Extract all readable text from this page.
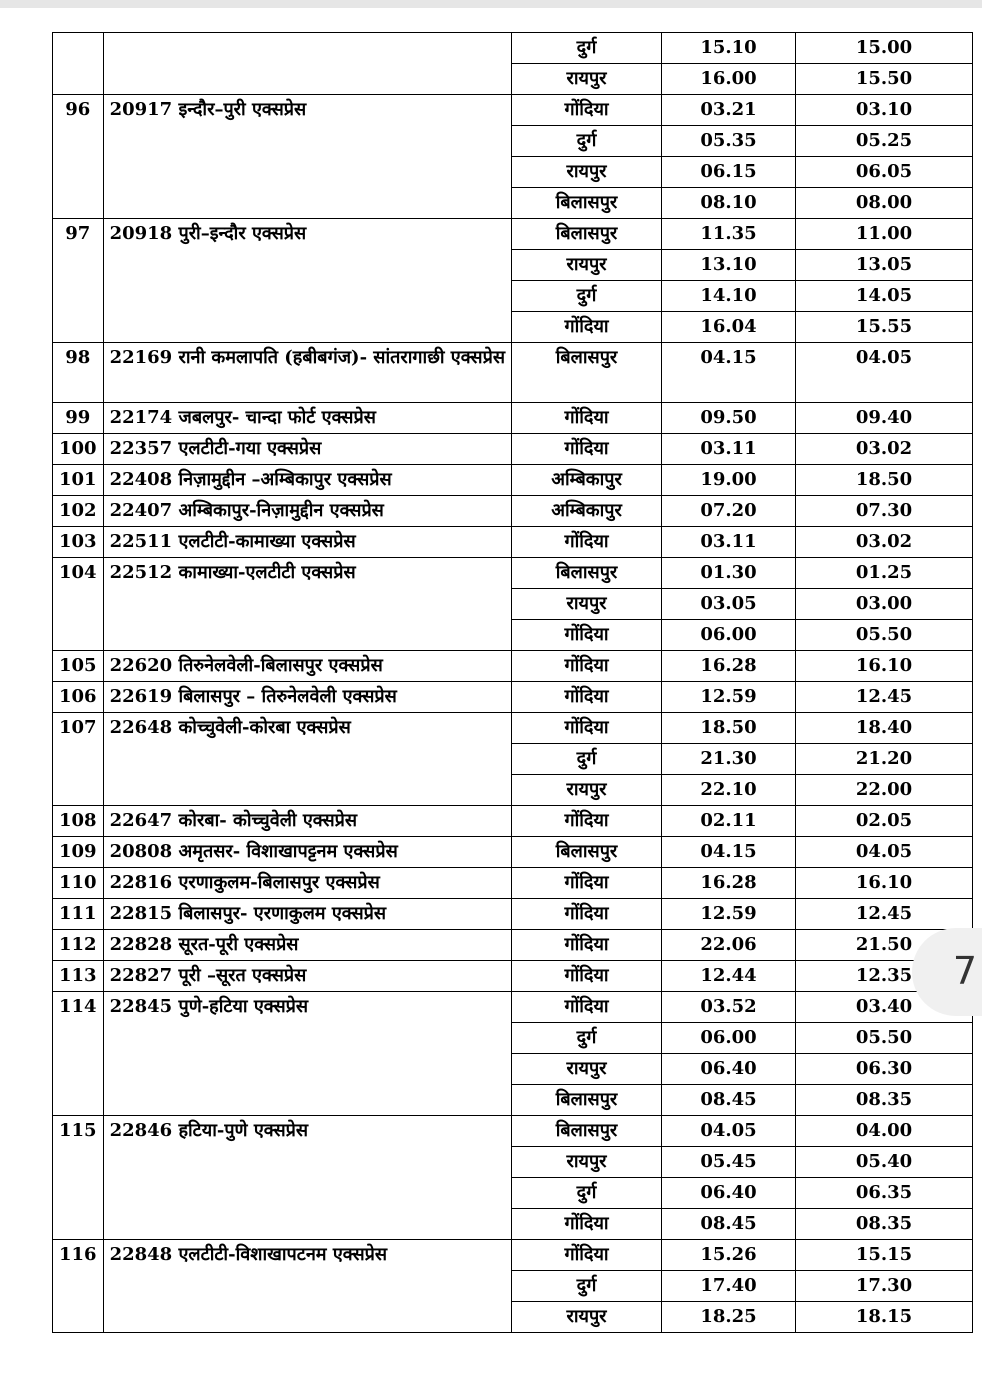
		दुर्ग	15.10	15.00
		रायपुर	16.00	15.50
96	20917 इन्दौर–पुरी एक्सप्रेस	गोंदिया	03.21	03.10
		दुर्ग	05.35	05.25
		रायपुर	06.15	06.05
		बिलासपुर	08.10	08.00
97	20918 पुरी–इन्दौर एक्सप्रेस	बिलासपुर	11.35	11.00
		रायपुर	13.10	13.05
		दुर्ग	14.10	14.05
		गोंदिया	16.04	15.55
98	22169 रानी कमलापति (हबीबगंज)- सांतरागाछी एक्सप्रेस	बिलासपुर	04.15	04.05
99	22174 जबलपुर- चान्दा फोर्ट एक्सप्रेस	गोंदिया	09.50	09.40
100	22357 एलटीटी-गया एक्सप्रेस	गोंदिया	03.11	03.02
101	22408 निज़ामुद्दीन –अम्बिकापुर एक्सप्रेस	अम्बिकापुर	19.00	18.50
102	22407 अम्बिकापुर-निज़ामुद्दीन एक्सप्रेस	अम्बिकापुर	07.20	07.30
103	22511 एलटीटी-कामाख्या एक्सप्रेस	गोंदिया	03.11	03.02
104	22512 कामाख्या-एलटीटी एक्सप्रेस	बिलासपुर	01.30	01.25
		रायपुर	03.05	03.00
		गोंदिया	06.00	05.50
105	22620 तिरुनेलवेली-बिलासपुर एक्सप्रेस	गोंदिया	16.28	16.10
106	22619 बिलासपुर – तिरुनेलवेली एक्सप्रेस	गोंदिया	12.59	12.45
107	22648 कोच्चुवेली-कोरबा एक्सप्रेस	गोंदिया	18.50	18.40
		दुर्ग	21.30	21.20
		रायपुर	22.10	22.00
108	22647 कोरबा- कोच्चुवेली एक्सप्रेस	गोंदिया	02.11	02.05
109	20808 अमृतसर- विशाखापट्टनम एक्सप्रेस	बिलासपुर	04.15	04.05
110	22816 एरणाकुलम-बिलासपुर एक्सप्रेस	गोंदिया	16.28	16.10
111	22815 बिलासपुर- एरणाकुलम एक्सप्रेस	गोंदिया	12.59	12.45
112	22828 सूरत-पूरी एक्सप्रेस	गोंदिया	22.06	21.50
113	22827 पूरी –सूरत एक्सप्रेस	गोंदिया	12.44	12.35
114	22845 पुणे-हटिया एक्सप्रेस	गोंदिया	03.52	03.40
		दुर्ग	06.00	05.50
		रायपुर	06.40	06.30
		बिलासपुर	08.45	08.35
115	22846 हटिया-पुणे एक्सप्रेस	बिलासपुर	04.05	04.00
		रायपुर	05.45	05.40
		दुर्ग	06.40	06.35
		गोंदिया	08.45	08.35
116	22848 एलटीटी-विशाखापटनम एक्सप्रेस	गोंदिया	15.26	15.15
		दुर्ग	17.40	17.30
		रायपुर	18.25	18.15
7
